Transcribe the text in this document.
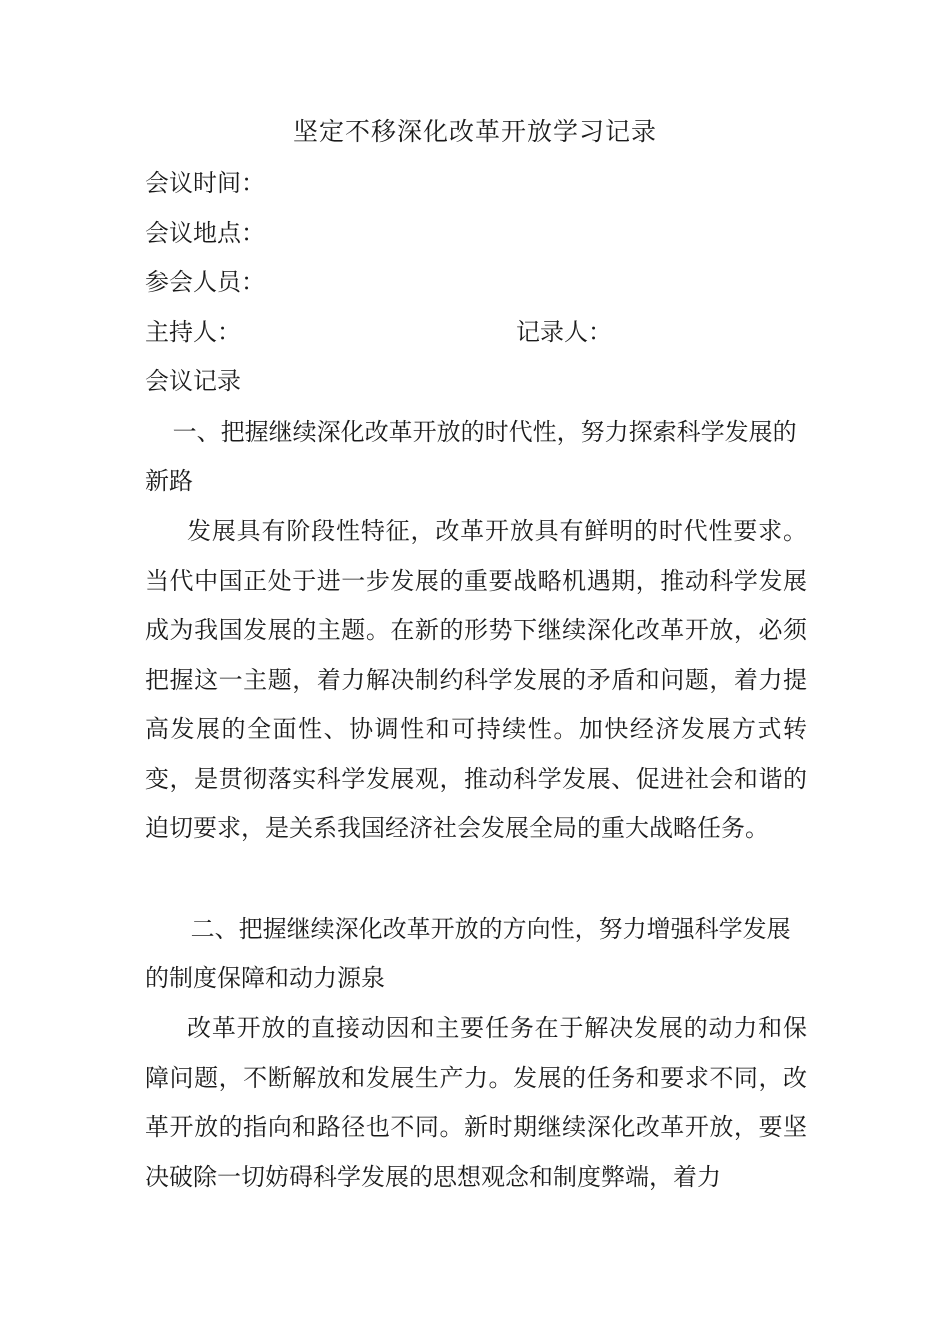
坚定不移深化改革开放学习记录
会议时间：
会议地点：
参会人员：
主持人：	记录人：
会议记录
一、把握继续深化改革开放的时代性，努力探索科学发展的新路
发展具有阶段性特征，改革开放具有鲜明的时代性要求。当代中国正处于进一步发展的重要战略机遇期，推动科学发展成为我国发展的主题。在新的形势下继续深化改革开放，必须把握这一主题，着力解决制约科学发展的矛盾和问题，着力提高发展的全面性、协调性和可持续性。加快经济发展方式转变，是贯彻落实科学发展观，推动科学发展、促进社会和谐的迫切要求，是关系我国经济社会发展全局的重大战略任务。
二、把握继续深化改革开放的方向性，努力增强科学发展的制度保障和动力源泉
改革开放的直接动因和主要任务在于解决发展的动力和保障问题，不断解放和发展生产力。发展的任务和要求不同，改革开放的指向和路径也不同。新时期继续深化改革开放，要坚决破除一切妨碍科学发展的思想观念和制度弊端，着力
